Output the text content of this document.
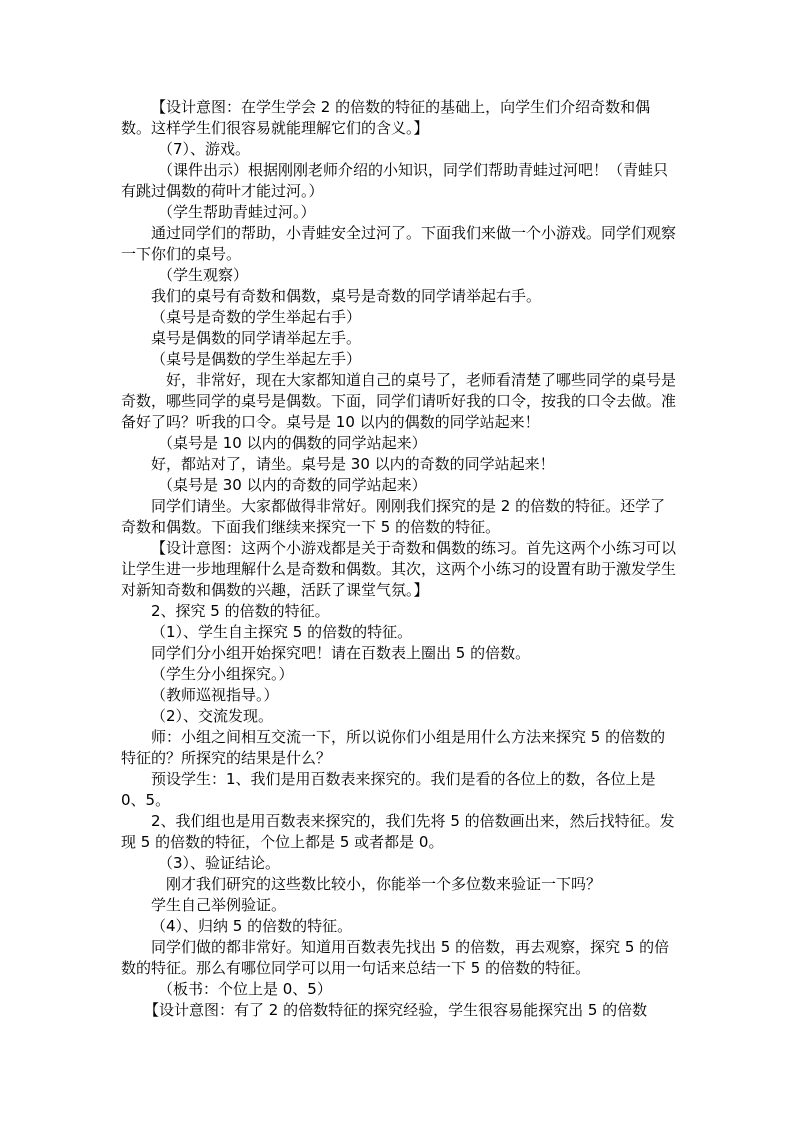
【设计意图：在学生学会 2 的倍数的特征的基础上，向学生们介绍奇数和偶数。这样学生们很容易就能理解它们的含义。】

（7）、游戏。

（课件出示）根据刚刚老师介绍的小知识，同学们帮助青蛙过河吧！（青蛙只有跳过偶数的荷叶才能过河。）

（学生帮助青蛙过河。）

通过同学们的帮助，小青蛙安全过河了。下面我们来做一个小游戏。同学们观察一下你们的桌号。

（学生观察）

我们的桌号有奇数和偶数，桌号是奇数的同学请举起右手。

（桌号是奇数的学生举起右手）

桌号是偶数的同学请举起左手。

（桌号是偶数的学生举起左手）

好，非常好，现在大家都知道自己的桌号了，老师看清楚了哪些同学的桌号是奇数，哪些同学的桌号是偶数。下面，同学们请听好我的口令，按我的口令去做。准备好了吗？听我的口令。桌号是 10 以内的偶数的同学站起来！

（桌号是 10 以内的偶数的同学站起来）

好，都站对了，请坐。桌号是 30 以内的奇数的同学站起来！

（桌号是 30 以内的奇数的同学站起来）

同学们请坐。大家都做得非常好。刚刚我们探究的是 2 的倍数的特征。还学了奇数和偶数。下面我们继续来探究一下 5 的倍数的特征。

【设计意图：这两个小游戏都是关于奇数和偶数的练习。首先这两个小练习可以让学生进一步地理解什么是奇数和偶数。其次，这两个小练习的设置有助于激发学生对新知奇数和偶数的兴趣，活跃了课堂气氛。】

2、探究 5 的倍数的特征。

（1）、学生自主探究 5 的倍数的特征。

同学们分小组开始探究吧！请在百数表上圈出 5 的倍数。

（学生分小组探究。）

（教师巡视指导。）

（2）、交流发现。

师：小组之间相互交流一下，所以说你们小组是用什么方法来探究 5 的倍数的特征的？所探究的结果是什么？

预设学生：1、我们是用百数表来探究的。我们是看的各位上的数，各位上是 0、5。

2、我们组也是用百数表来探究的，我们先将 5 的倍数画出来，然后找特征。发现 5 的倍数的特征，个位上都是 5 或者都是 0。

（3）、验证结论。

刚才我们研究的这些数比较小，你能举一个多位数来验证一下吗？

学生自己举例验证。

（4）、归纳 5 的倍数的特征。

同学们做的都非常好。知道用百数表先找出 5 的倍数，再去观察，探究 5 的倍数的特征。那么有哪位同学可以用一句话来总结一下 5 的倍数的特征。

（板书：个位上是 0、5）

【设计意图：有了 2 的倍数特征的探究经验，学生很容易能探究出 5 的倍数
